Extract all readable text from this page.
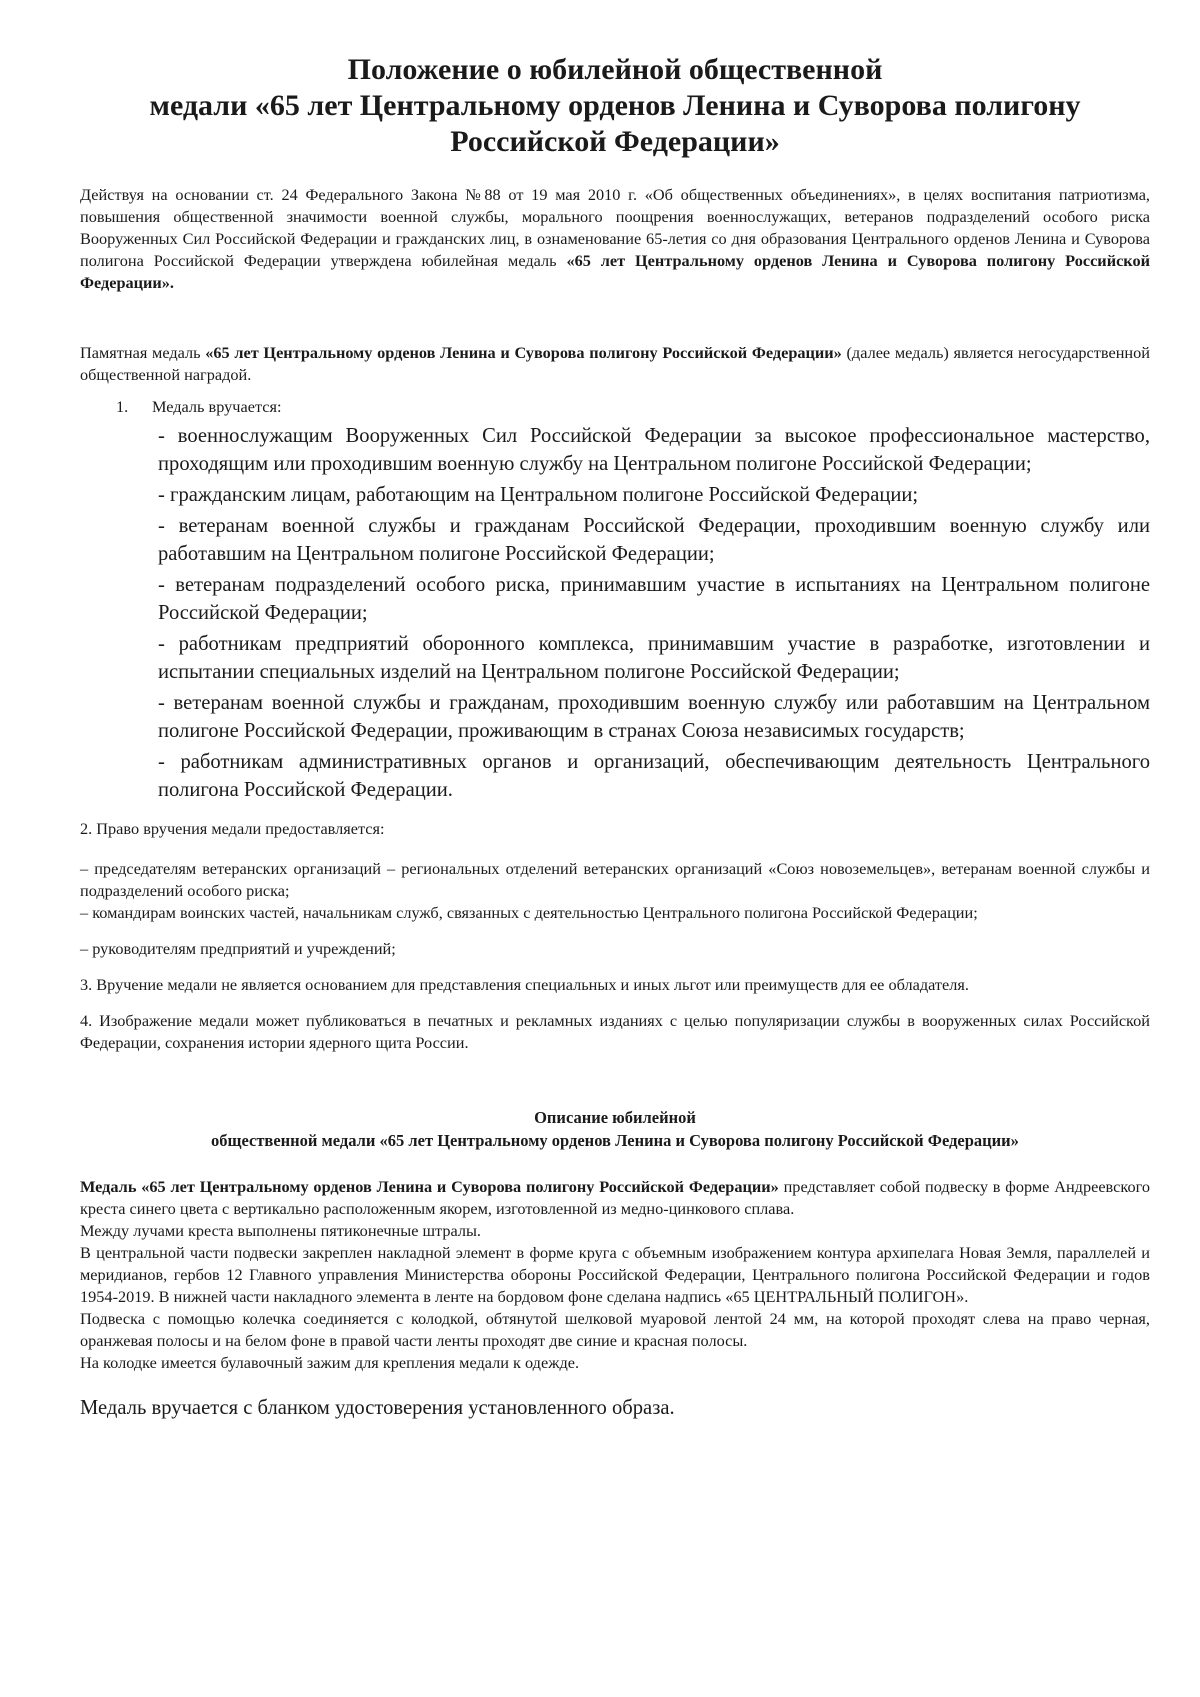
Положение о юбилейной общественной
медали «65 лет Центральному орденов Ленина и Суворова полигону
Российской Федерации»

Действуя на основании ст. 24 Федерального Закона №88 от 19 мая 2010 г. «Об общественных объединениях», в целях воспитания патриотизма, повышения общественной значимости военной службы, морального поощрения военнослужащих, ветеранов подразделений особого риска Вооруженных Сил Российской Федерации и гражданских лиц, в ознаменование 65-летия со дня образования Центрального орденов Ленина и Суворова полигона Российской Федерации утверждена юбилейная медаль «65 лет Центральному орденов Ленина и Суворова полигону Российской Федерации».

Памятная медаль «65 лет Центральному орденов Ленина и Суворова полигону Российской Федерации» (далее медаль) является негосударственной общественной наградой.

1. Медаль вручается:
- военнослужащим Вооруженных Сил Российской Федерации за высокое профессиональное мастерство, проходящим или проходившим военную службу на Центральном полигоне Российской Федерации;
- гражданским лицам, работающим на Центральном полигоне Российской Федерации;
- ветеранам военной службы и гражданам Российской Федерации, проходившим военную службу или работавшим на Центральном полигоне Российской Федерации;
- ветеранам подразделений особого риска, принимавшим участие в испытаниях на Центральном полигоне Российской Федерации;
- работникам предприятий оборонного комплекса, принимавшим участие в разработке, изготовлении и испытании специальных изделий на Центральном полигоне Российской Федерации;
- ветеранам военной службы и гражданам, проходившим военную службу или работавшим на Центральном полигоне Российской Федерации, проживающим в странах Союза независимых государств;
- работникам административных органов и организаций, обеспечивающим деятельность Центрального полигона Российской Федерации.

2. Право вручения медали предоставляется:

– председателям ветеранских организаций – региональных отделений ветеранских организаций «Союз новоземельцев», ветеранам военной службы и подразделений особого риска;

– командирам воинских частей, начальникам служб, связанных с деятельностью Центрального полигона Российской Федерации;

– руководителям предприятий и учреждений;

3. Вручение медали не является основанием для представления специальных и иных льгот или преимуществ для ее обладателя.

4. Изображение медали может публиковаться в печатных и рекламных изданиях с целью популяризации службы в вооруженных силах Российской Федерации, сохранения истории ядерного щита России.

Описание юбилейной
общественной медали «65 лет Центральному орденов Ленина и Суворова полигону Российской Федерации»

Медаль «65 лет Центральному орденов Ленина и Суворова полигону Российской Федерации» представляет собой подвеску в форме Андреевского креста синего цвета с вертикально расположенным якорем, изготовленной из медно-цинкового сплава.

Между лучами креста выполнены пятиконечные штралы.

В центральной части подвески закреплен накладной элемент в форме круга с объемным изображением контура архипелага Новая Земля, параллелей и меридианов, гербов 12 Главного управления Министерства обороны Российской Федерации, Центрального полигона Российской Федерации и годов 1954-2019. В нижней части накладного элемента в ленте на бордовом фоне сделана надпись «65 ЦЕНТРАЛЬНЫЙ ПОЛИГОН».

Подвеска с помощью колечка соединяется с колодкой, обтянутой шелковой муаровой лентой 24 мм, на которой проходят слева на право черная, оранжевая полосы и на белом фоне в правой части ленты проходят две синие и красная полосы.

На колодке имеется булавочный зажим для крепления медали к одежде.

Медаль вручается с бланком удостоверения установленного образа.
